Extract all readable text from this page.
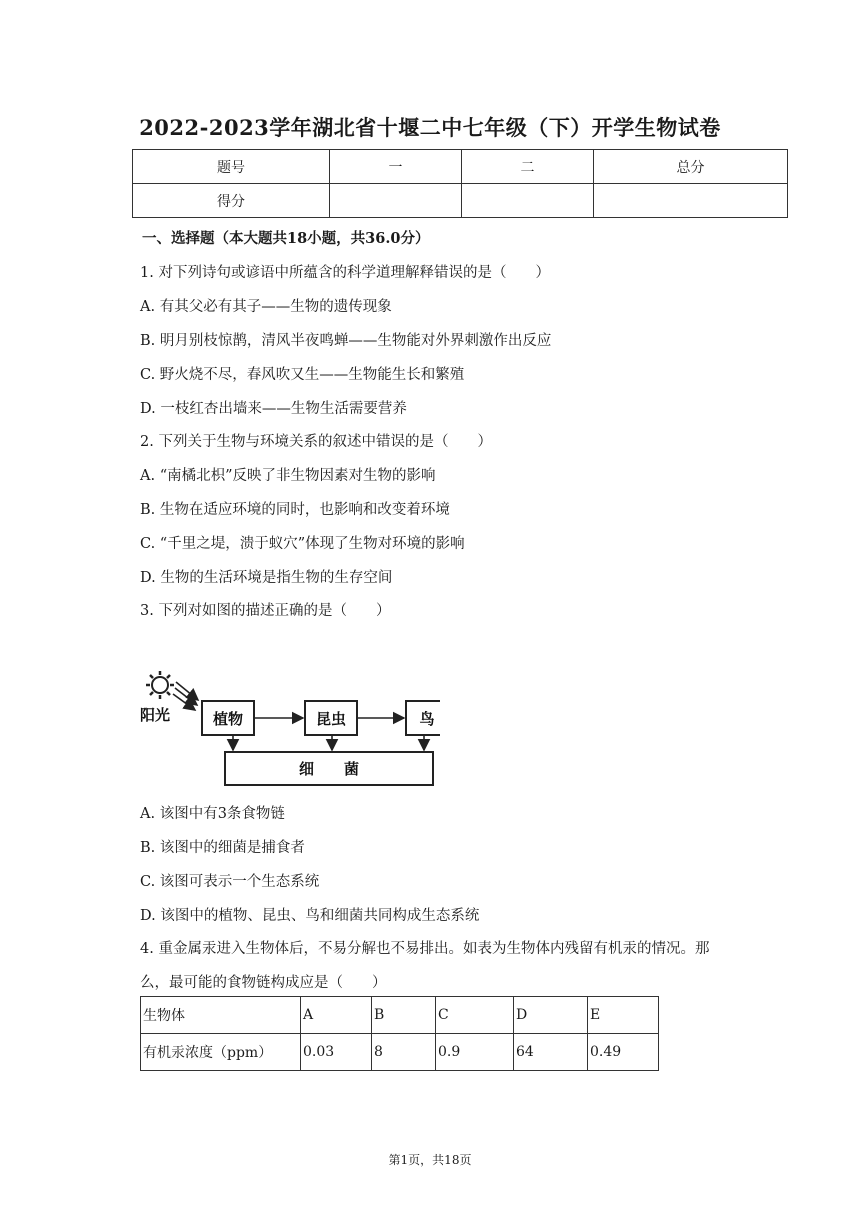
2022-2023学年湖北省十堰二中七年级（下）开学生物试卷
题号	一	二	总分
得分			
一、选择题（本大题共18小题，共36.0分）
1. 对下列诗句或谚语中所蕴含的科学道理解释错误的是（　　）
A. 有其父必有其子——生物的遗传现象
B. 明月别枝惊鹊，清风半夜鸣蝉——生物能对外界刺激作出反应
C. 野火烧不尽，春风吹又生——生物能生长和繁殖
D. 一枝红杏出墙来——生物生活需要营养
2. 下列关于生物与环境关系的叙述中错误的是（　　）
A. “南橘北枳”反映了非生物因素对生物的影响
B. 生物在适应环境的同时，也影响和改变着环境
C. “千里之堤，溃于蚁穴”体现了生物对环境的影响
D. 生物的生活环境是指生物的生存空间
3. 下列对如图的描述正确的是（　　）
阳光	植物	昆虫	鸟
细　　菌
A. 该图中有3条食物链
B. 该图中的细菌是捕食者
C. 该图可表示一个生态系统
D. 该图中的植物、昆虫、鸟和细菌共同构成生态系统
4. 重金属汞进入生物体后，不易分解也不易排出。如表为生物体内残留有机汞的情况。那
么，最可能的食物链构成应是（　　）
生物体	A	B	C	D	E
有机汞浓度（ppm）	0.03	8	0.9	64	0.49
第1页，共18页
